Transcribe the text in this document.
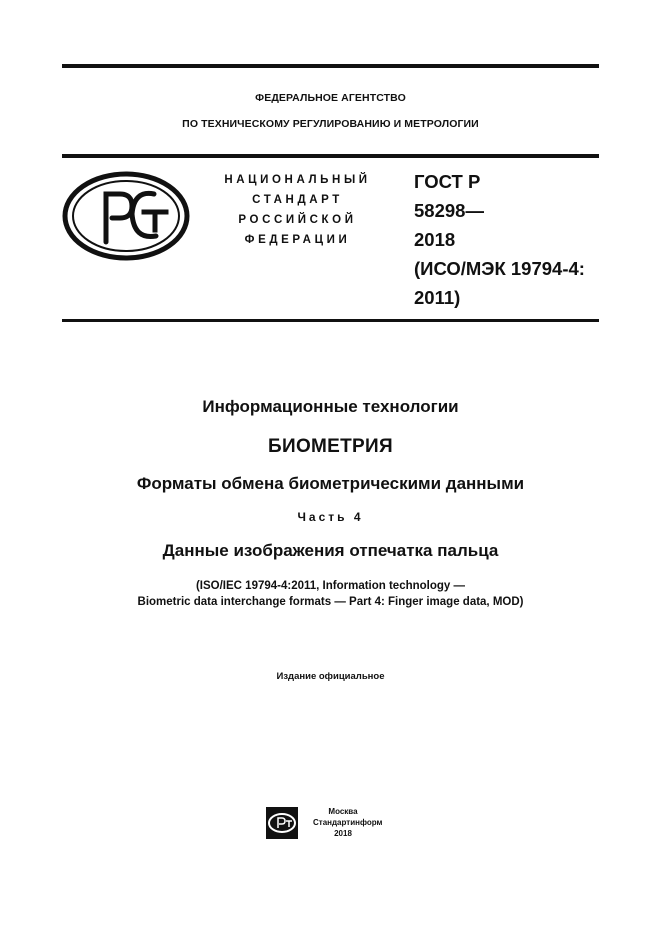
ФЕДЕРАЛЬНОЕ АГЕНТСТВО

ПО ТЕХНИЧЕСКОМУ РЕГУЛИРОВАНИЮ И МЕТРОЛОГИИ

НАЦИОНАЛЬНЫЙ
СТАНДАРТ
РОССИЙСКОЙ
ФЕДЕРАЦИИ
ГОСТ Р
58298—
2018
(ИСО/МЭК 19794-4:
2011)

Информационные технологии

БИОМЕТРИЯ

Форматы обмена биометрическими данными

Часть 4

Данные изображения отпечатка пальца

(ISO/IEC 19794-4:2011, Information technology —
Biometric data interchange formats — Part 4: Finger image data, MOD)

Издание официальное

Москва
Стандартинформ
2018
